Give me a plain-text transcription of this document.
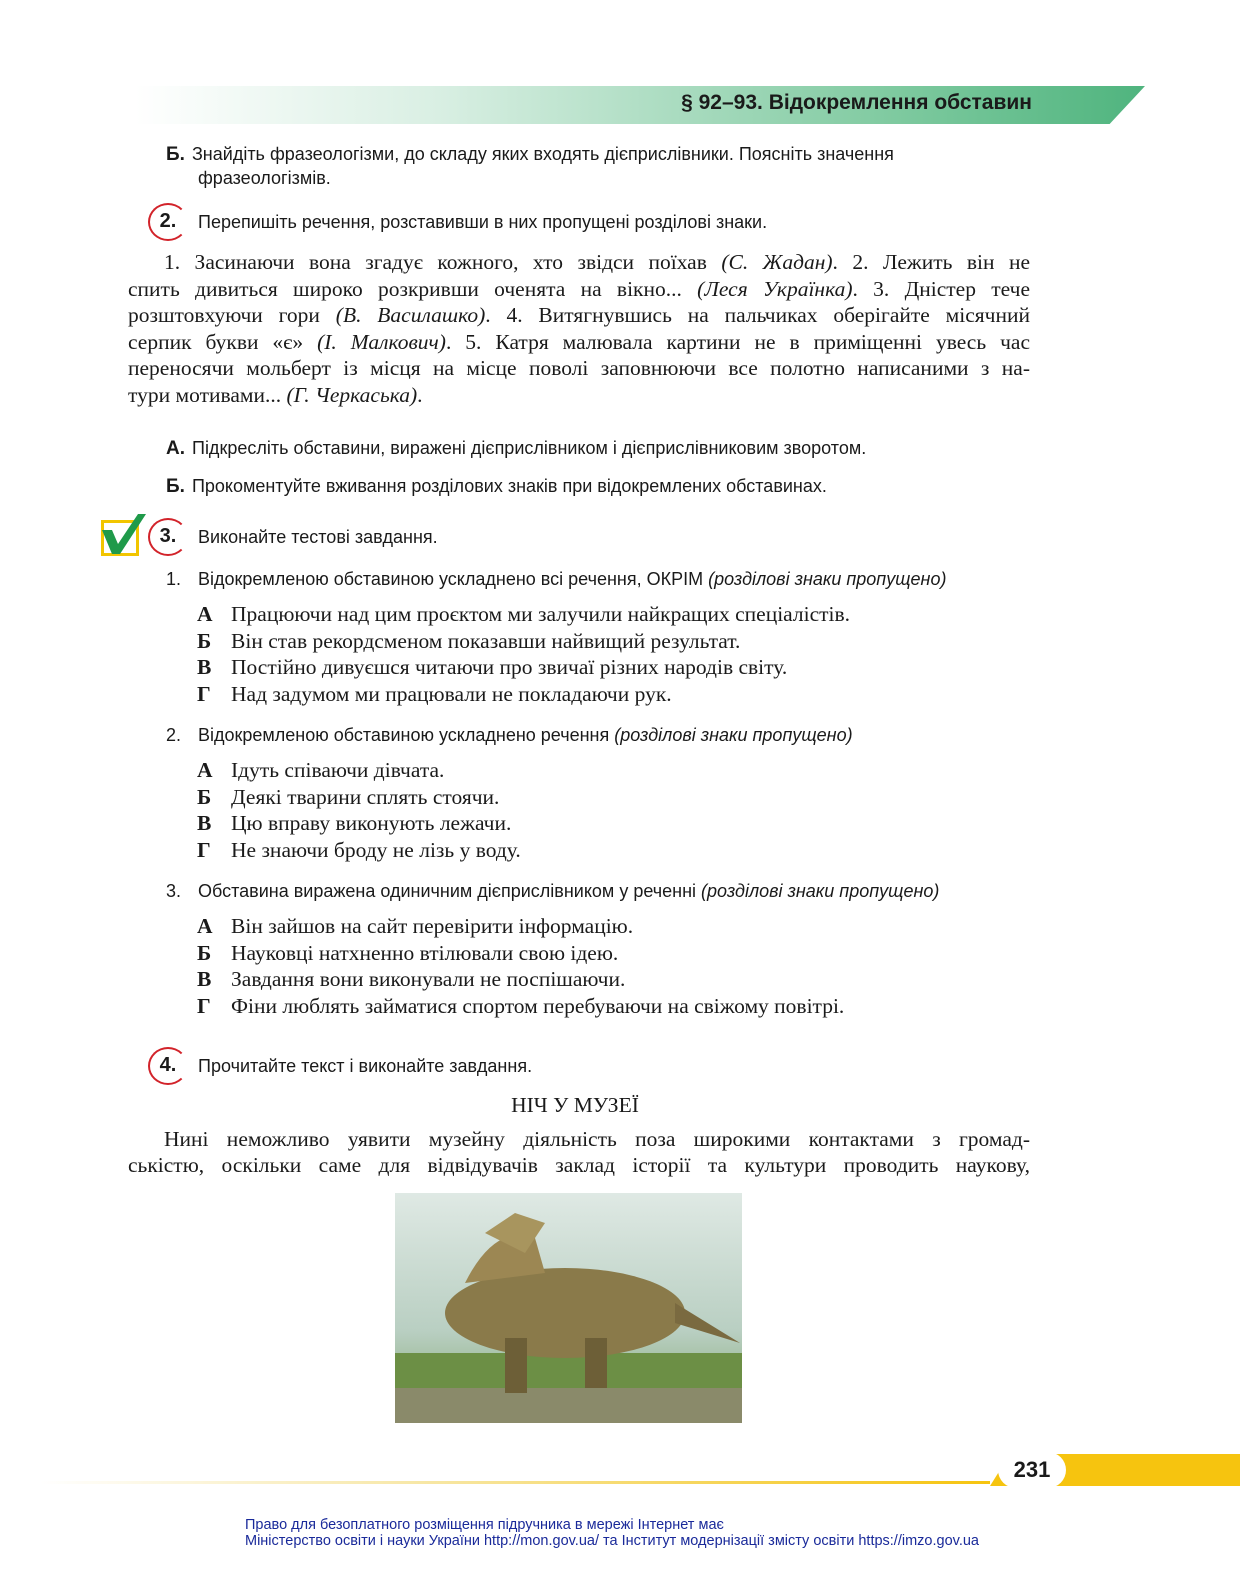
§ 92–93. Відокремлення обставин
Б. Знайдіть фразеологізми, до складу яких входять дієприслівники. Поясніть значення
фразеологізмів.
2.	Перепишіть речення, розставивши в них пропущені розділові знаки.
1. Засинаючи вона згадує кожного, хто звідси поїхав (С. Жадан). 2. Лежить він не
спить дивиться широко розкривши оченята на вікно... (Леся Українка). 3. Дністер тече
розштовхуючи гори (В. Василашко). 4. Витягнувшись на пальчиках оберігайте місячний
серпик букви «є» (І. Малкович). 5. Катря малювала картини не в приміщенні увесь час
переносячи мольберт із місця на місце поволі заповнюючи все полотно написаними з на-
тури мотивами... (Г. Черкаська).
А. Підкресліть обставини, виражені дієприслівником і дієприслівниковим зворотом.
Б. Прокоментуйте вживання розділових знаків при відокремлених обставинах.
3.	Виконайте тестові завдання.
1. Відокремленою обставиною ускладнено всі речення, ОКРІМ (розділові знаки пропущено)
А Працюючи над цим проєктом ми залучили найкращих спеціалістів.
Б Він став рекордсменом показавши найвищий результат.
В Постійно дивуєшся читаючи про звичаї різних народів світу.
Г Над задумом ми працювали не покладаючи рук.
2. Відокремленою обставиною ускладнено речення (розділові знаки пропущено)
А Ідуть співаючи дівчата.
Б Деякі тварини сплять стоячи.
В Цю вправу виконують лежачи.
Г Не знаючи броду не лізь у воду.
3. Обставина виражена одиничним дієприслівником у реченні (розділові знаки пропущено)
А Він зайшов на сайт перевірити інформацію.
Б Науковці натхненно втілювали свою ідею.
В Завдання вони виконували не поспішаючи.
Г Фіни люблять займатися спортом перебуваючи на свіжому повітрі.
4.	Прочитайте текст і виконайте завдання.
НІЧ У МУЗЕЇ
Нині неможливо уявити музейну діяльність поза широкими контактами з громад-
ськістю, оскільки саме для відвідувачів заклад історії та культури проводить наукову,
231
Право для безоплатного розміщення підручника в мережі Інтернет має
Міністерство освіти і науки України http://mon.gov.ua/ та Інститут модернізації змісту освіти https://imzo.gov.ua
